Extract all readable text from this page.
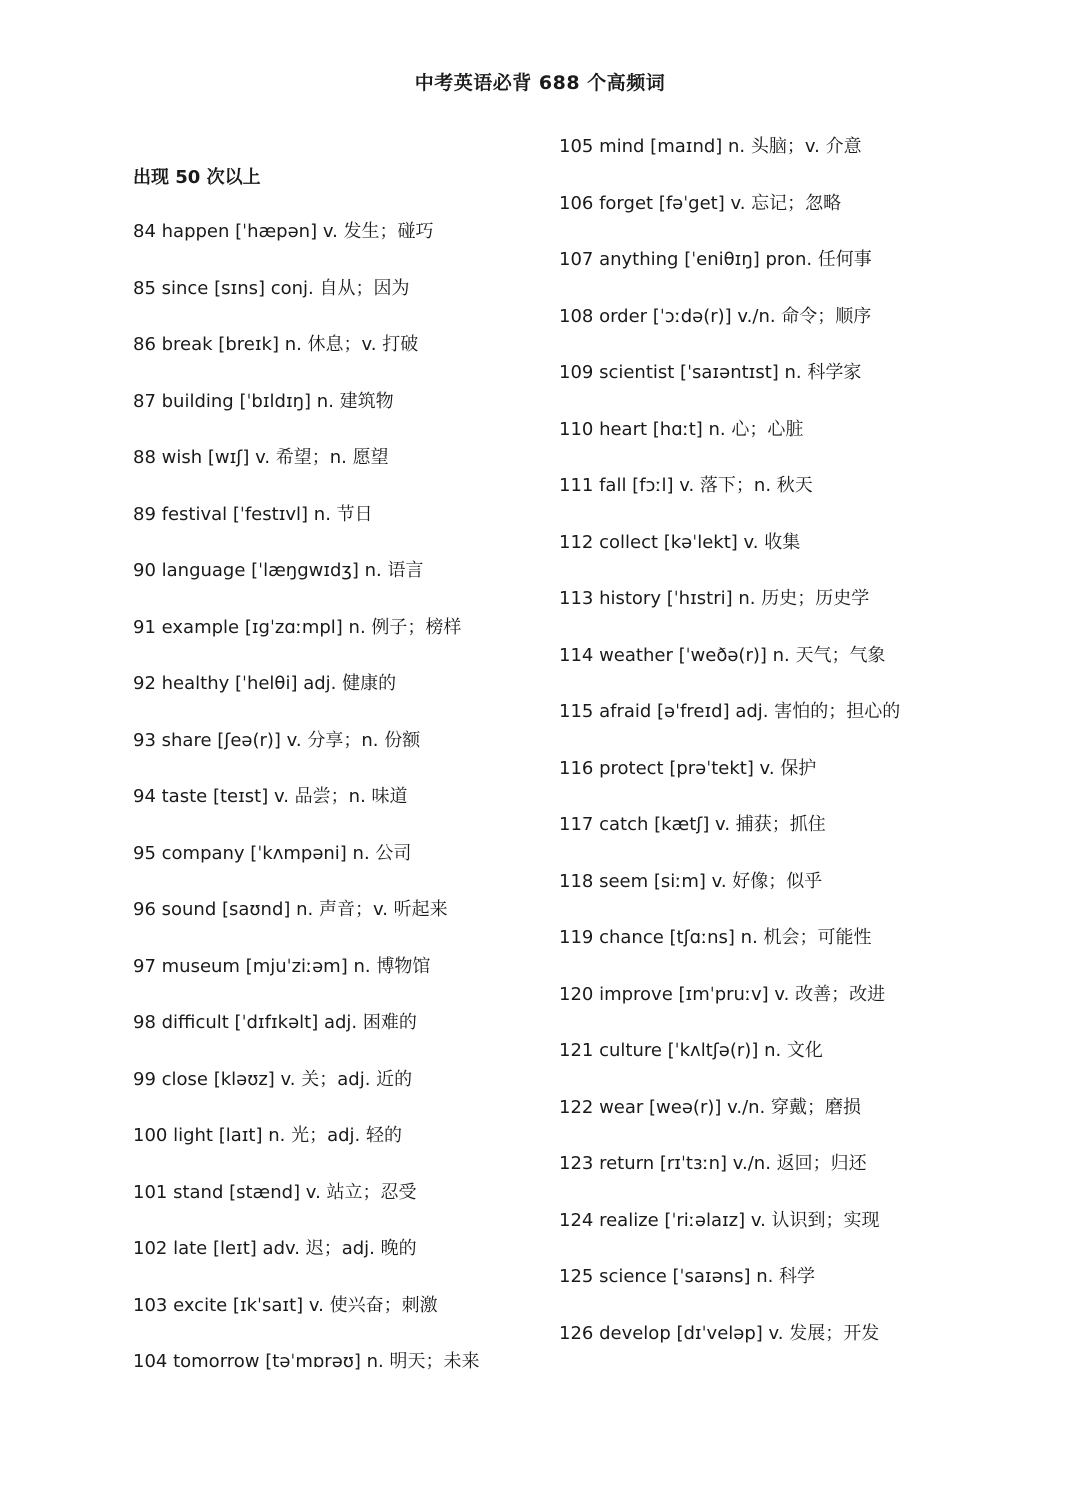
中考英语必背 688 个高频词
出现 50 次以上
84 happen [ˈhæpən] v. 发生；碰巧
85 since [sɪns] conj. 自从；因为
86 break [breɪk] n. 休息；v. 打破
87 building [ˈbɪldɪŋ] n. 建筑物
88 wish [wɪʃ] v. 希望；n. 愿望
89 festival [ˈfestɪvl] n. 节日
90 language [ˈlæŋgwɪdʒ] n. 语言
91 example [ɪgˈzɑːmpl] n. 例子；榜样
92 healthy [ˈhelθi] adj. 健康的
93 share [ʃeə(r)] v. 分享；n. 份额
94 taste [teɪst] v. 品尝；n. 味道
95 company [ˈkʌmpəni] n. 公司
96 sound [saʊnd] n. 声音；v. 听起来
97 museum [mjuˈziːəm] n. 博物馆
98 difficult [ˈdɪfɪkəlt] adj. 困难的
99 close [kləʊz] v. 关；adj. 近的
100 light [laɪt] n. 光；adj. 轻的
101 stand [stænd] v. 站立；忍受
102 late [leɪt] adv. 迟；adj. 晚的
103 excite [ɪkˈsaɪt] v. 使兴奋；刺激
104 tomorrow [təˈmɒrəʊ] n. 明天；未来
105 mind [maɪnd] n. 头脑；v. 介意
106 forget [fəˈget] v. 忘记；忽略
107 anything [ˈeniθɪŋ] pron. 任何事
108 order [ˈɔːdə(r)] v./n. 命令；顺序
109 scientist [ˈsaɪəntɪst] n. 科学家
110 heart [hɑːt] n. 心；心脏
111 fall [fɔːl] v. 落下；n. 秋天
112 collect [kəˈlekt] v. 收集
113 history [ˈhɪstri] n. 历史；历史学
114 weather [ˈweðə(r)] n. 天气；气象
115 afraid [əˈfreɪd] adj. 害怕的；担心的
116 protect [prəˈtekt] v. 保护
117 catch [kætʃ] v. 捕获；抓住
118 seem [siːm] v. 好像；似乎
119 chance [tʃɑːns] n. 机会；可能性
120 improve [ɪmˈpruːv] v. 改善；改进
121 culture [ˈkʌltʃə(r)] n. 文化
122 wear [weə(r)] v./n. 穿戴；磨损
123 return [rɪˈtɜːn] v./n. 返回；归还
124 realize [ˈriːəlaɪz] v. 认识到；实现
125 science [ˈsaɪəns] n. 科学
126 develop [dɪˈveləp] v. 发展；开发
